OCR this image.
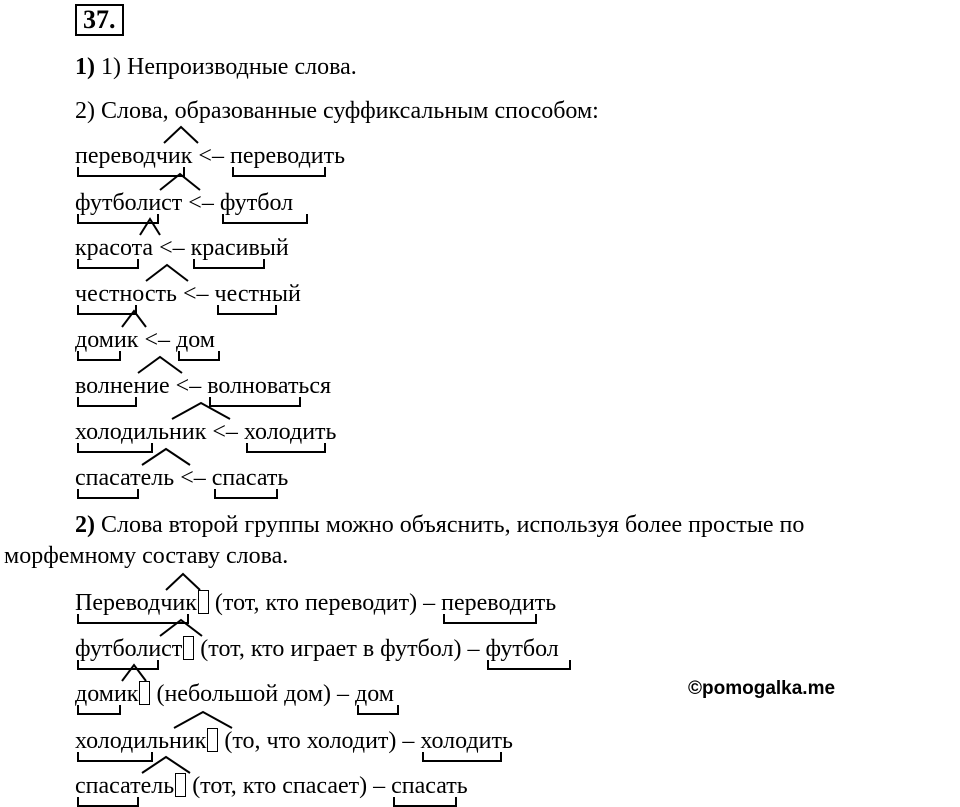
37.
1) 1) Непроизводные слова.
2) Слова, образованные суффиксальным способом:
переводчик <– переводить
футболист <– футбол
красота <– красивый
честность <– честный
домик <– дом
волнение <– волноваться
холодильник <– холодить
спасатель <– спасать
2) Слова второй группы можно объяснить, используя более простые по
морфемному составу слова.
Переводчик (тот, кто переводит) – переводить
футболист (тот, кто играет в футбол) – футбол
домик (небольшой дом) – дом
холодильник (то, что холодит) – холодить
спасатель (тот, кто спасает) – спасать
©pomogalka.me
